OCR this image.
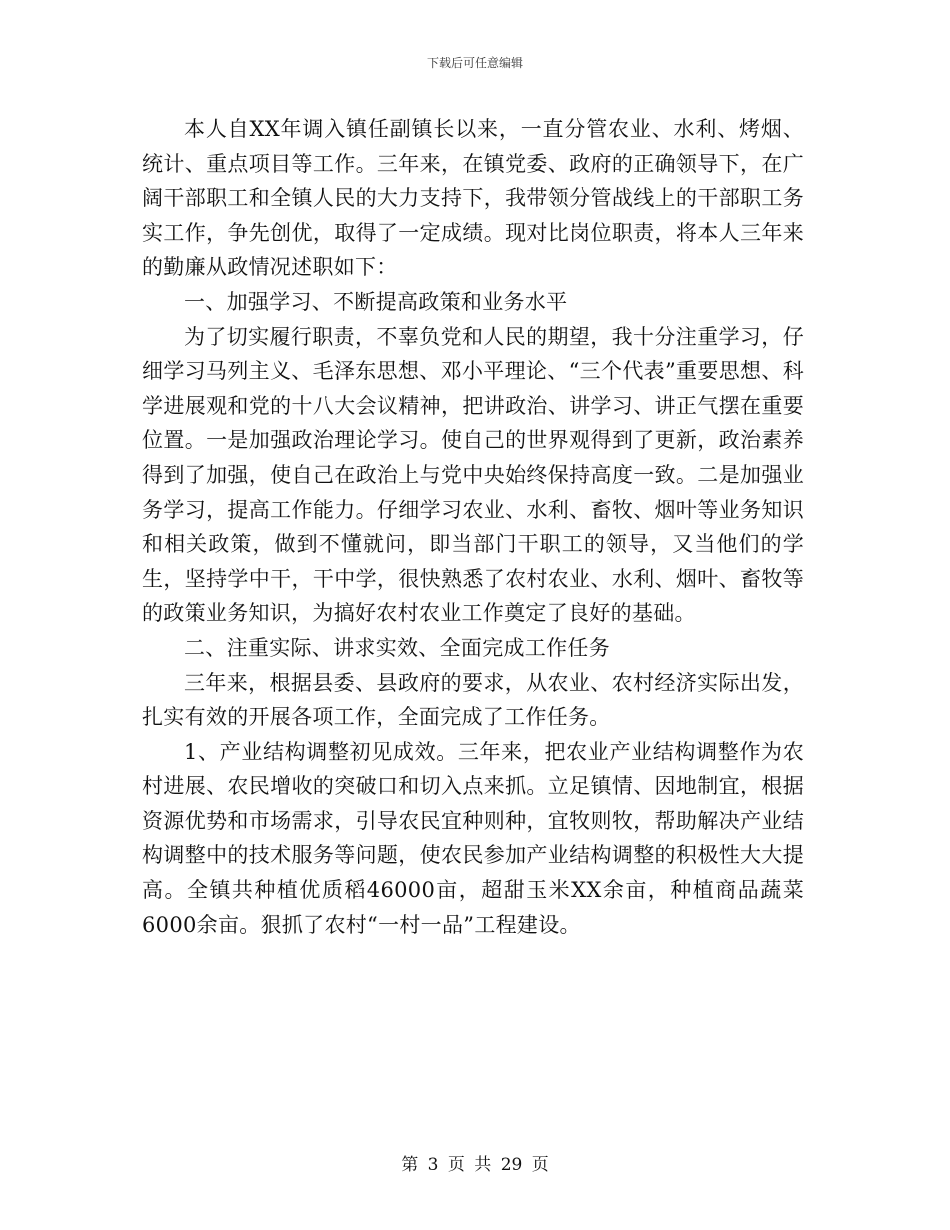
下载后可任意编辑

本人自XX年调入镇任副镇长以来，一直分管农业、水利、烤烟、统计、重点项目等工作。三年来，在镇党委、政府的正确领导下，在广阔干部职工和全镇人民的大力支持下，我带领分管战线上的干部职工务实工作，争先创优，取得了一定成绩。现对比岗位职责，将本人三年来的勤廉从政情况述职如下：

一、加强学习、不断提高政策和业务水平

为了切实履行职责，不辜负党和人民的期望，我十分注重学习，仔细学习马列主义、毛泽东思想、邓小平理论、“三个代表”重要思想、科学进展观和党的十八大会议精神，把讲政治、讲学习、讲正气摆在重要位置。一是加强政治理论学习。使自己的世界观得到了更新，政治素养得到了加强，使自己在政治上与党中央始终保持高度一致。二是加强业务学习，提高工作能力。仔细学习农业、水利、畜牧、烟叶等业务知识和相关政策，做到不懂就问，即当部门干职工的领导，又当他们的学生，坚持学中干，干中学，很快熟悉了农村农业、水利、烟叶、畜牧等的政策业务知识，为搞好农村农业工作奠定了良好的基础。

二、注重实际、讲求实效、全面完成工作任务

三年来，根据县委、县政府的要求，从农业、农村经济实际出发，扎实有效的开展各项工作，全面完成了工作任务。

1、产业结构调整初见成效。三年来，把农业产业结构调整作为农村进展、农民增收的突破口和切入点来抓。立足镇情、因地制宜，根据资源优势和市场需求，引导农民宜种则种，宜牧则牧，帮助解决产业结构调整中的技术服务等问题，使农民参加产业结构调整的积极性大大提高。全镇共种植优质稻46000亩，超甜玉米XX余亩，种植商品蔬菜6000余亩。狠抓了农村“一村一品”工程建设。

第 3 页 共 29 页
